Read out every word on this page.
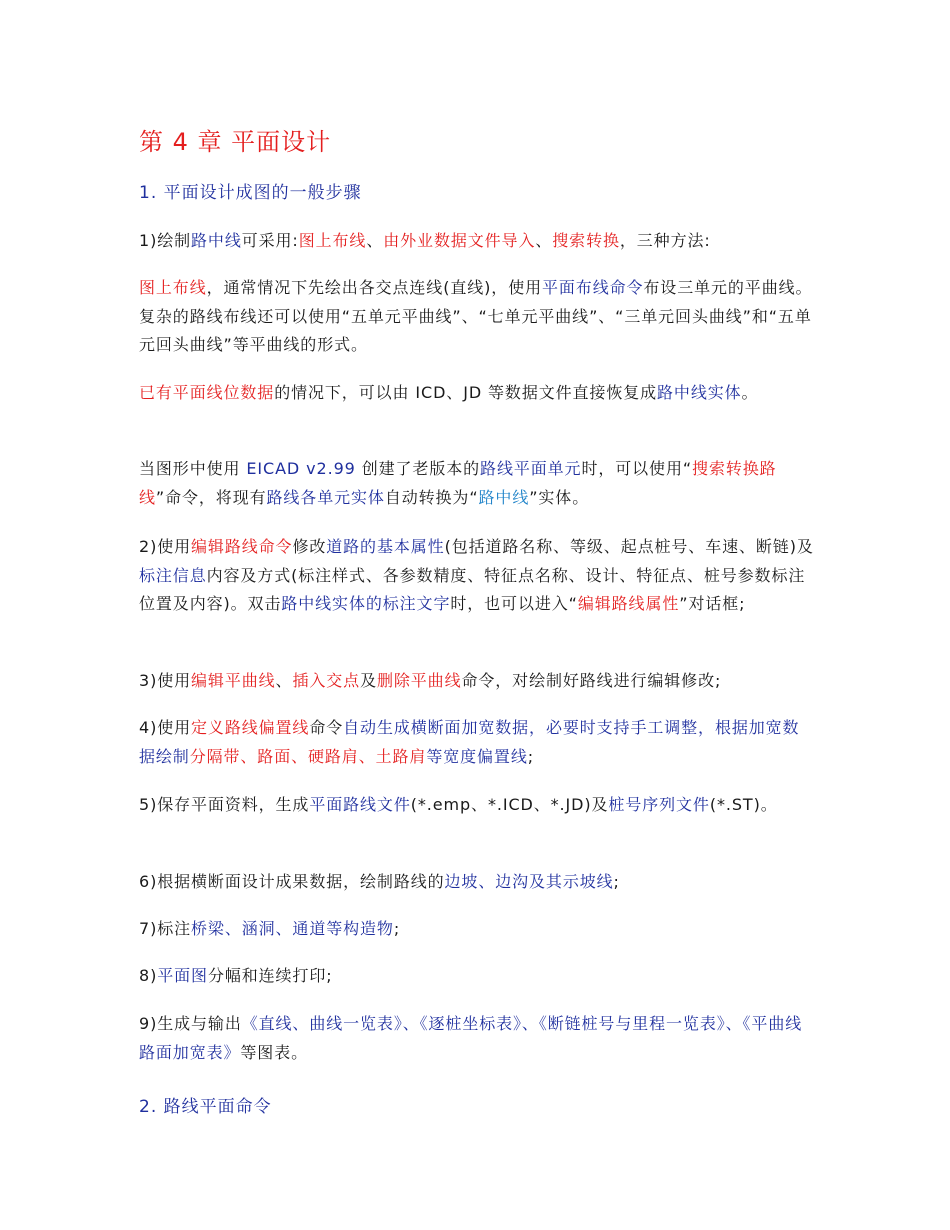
第 4 章 平面设计
1. 平面设计成图的一般步骤

1)绘制路中线可采用:图上布线、由外业数据文件导入、搜索转换，三种方法:

图上布线，通常情况下先绘出各交点连线(直线)，使用平面布线命令布设三单元的平曲线。复杂的路线布线还可以使用“五单元平曲线”、“七单元平曲线”、“三单元回头曲线”和“五单元回头曲线”等平曲线的形式。

已有平面线位数据的情况下，可以由 ICD、JD 等数据文件直接恢复成路中线实体。

当图形中使用 EICAD v2.99 创建了老版本的路线平面单元时，可以使用“搜索转换路线”命令，将现有路线各单元实体自动转换为“路中线”实体。

2)使用编辑路线命令修改道路的基本属性(包括道路名称、等级、起点桩号、车速、断链)及标注信息内容及方式(标注样式、各参数精度、特征点名称、设计、特征点、桩号参数标注位置及内容)。双击路中线实体的标注文字时，也可以进入“编辑路线属性”对话框;

3)使用编辑平曲线、插入交点及删除平曲线命令，对绘制好路线进行编辑修改;

4)使用定义路线偏置线命令自动生成横断面加宽数据，必要时支持手工调整，根据加宽数据绘制分隔带、路面、硬路肩、土路肩等宽度偏置线;

5)保存平面资料，生成平面路线文件(*.emp、*.ICD、*.JD)及桩号序列文件(*.ST)。

6)根据横断面设计成果数据，绘制路线的边坡、边沟及其示坡线;

7)标注桥梁、涵洞、通道等构造物;

8)平面图分幅和连续打印;

9)生成与输出《直线、曲线一览表》、《逐桩坐标表》、《断链桩号与里程一览表》、《平曲线路面加宽表》等图表。

2. 路线平面命令
